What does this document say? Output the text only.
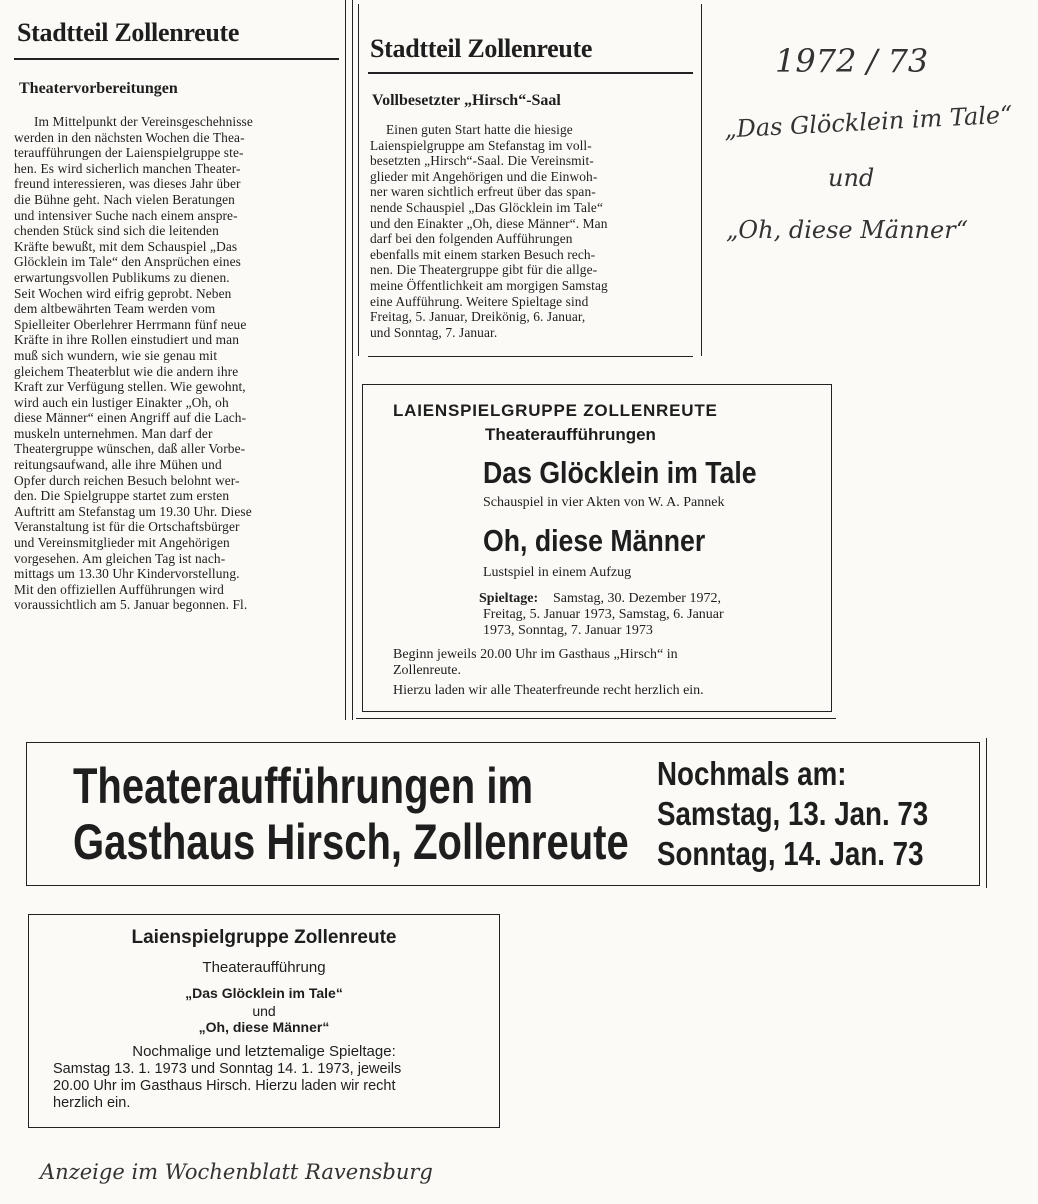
Stadtteil Zollenreute
Theatervorbereitungen
Im Mittelpunkt der Vereinsgeschehnisse
werden in den nächsten Wochen die Thea-
teraufführungen der Laienspielgruppe ste-
hen. Es wird sicherlich manchen Theater-
freund interessieren, was dieses Jahr über
die Bühne geht. Nach vielen Beratungen
und intensiver Suche nach einem anspre-
chenden Stück sind sich die leitenden
Kräfte bewußt, mit dem Schauspiel „Das
Glöcklein im Tale“ den Ansprüchen eines
erwartungsvollen Publikums zu dienen.
Seit Wochen wird eifrig geprobt. Neben
dem altbewährten Team werden vom
Spielleiter Oberlehrer Herrmann fünf neue
Kräfte in ihre Rollen einstudiert und man
muß sich wundern, wie sie genau mit
gleichem Theaterblut wie die andern ihre
Kraft zur Verfügung stellen. Wie gewohnt,
wird auch ein lustiger Einakter „Oh, oh
diese Männer“ einen Angriff auf die Lach-
muskeln unternehmen. Man darf der
Theatergruppe wünschen, daß aller Vorbe-
reitungsaufwand, alle ihre Mühen und
Opfer durch reichen Besuch belohnt wer-
den. Die Spielgruppe startet zum ersten
Auftritt am Stefanstag um 19.30 Uhr. Diese
Veranstaltung ist für die Ortschaftsbürger
und Vereinsmitglieder mit Angehörigen
vorgesehen. Am gleichen Tag ist nach-
mittags um 13.30 Uhr Kindervorstellung.
Mit den offiziellen Aufführungen wird
voraussichtlich am 5. Januar begonnen. Fl.
Stadtteil Zollenreute
Vollbesetzter „Hirsch“-Saal
Einen guten Start hatte die hiesige
Laienspielgruppe am Stefanstag im voll-
besetzten „Hirsch“-Saal. Die Vereinsmit-
glieder mit Angehörigen und die Einwoh-
ner waren sichtlich erfreut über das span-
nende Schauspiel „Das Glöcklein im Tale“
und den Einakter „Oh, diese Männer“. Man
darf bei den folgenden Aufführungen
ebenfalls mit einem starken Besuch rech-
nen. Die Theatergruppe gibt für die allge-
meine Öffentlichkeit am morgigen Samstag
eine Aufführung. Weitere Spieltage sind
Freitag, 5. Januar, Dreikönig, 6. Januar,
und Sonntag, 7. Januar.
1972 / 73
„Das Glöcklein im Tale“
und
„Oh, diese Männer“
LAIENSPIELGRUPPE ZOLLENREUTE
Theateraufführungen
Das Glöcklein im Tale
Schauspiel in vier Akten von W. A. Pannek
Oh, diese Männer
Lustspiel in einem Aufzug
Spieltage:	Samstag, 30. Dezember 1972,
Freitag, 5. Januar 1973, Samstag, 6. Januar
1973, Sonntag, 7. Januar 1973
Beginn jeweils 20.00 Uhr im Gasthaus „Hirsch“ in
Zollenreute.
Hierzu laden wir alle Theaterfreunde recht herzlich ein.
Theateraufführungen im
Gasthaus Hirsch, Zollenreute
Nochmals am:
Samstag, 13. Jan. 73
Sonntag, 14. Jan. 73
Laienspielgruppe Zollenreute
Theateraufführung
„Das Glöcklein im Tale“
und
„Oh, diese Männer“
Nochmalige und letztemalige Spieltage:
Samstag 13. 1. 1973 und Sonntag 14. 1. 1973, jeweils
20.00 Uhr im Gasthaus Hirsch. Hierzu laden wir recht
herzlich ein.
Anzeige im Wochenblatt Ravensburg
